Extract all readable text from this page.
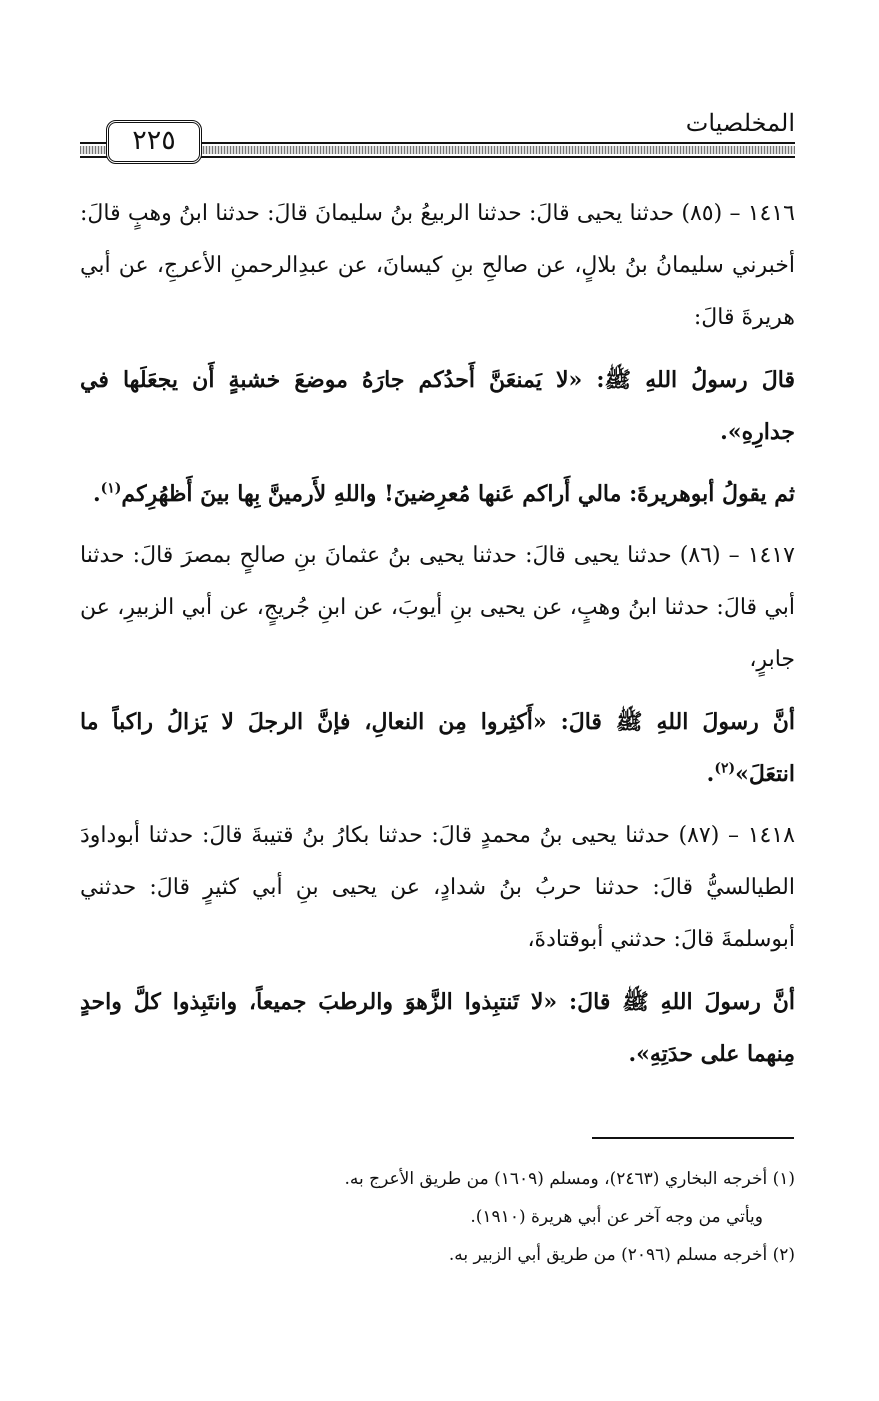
المخلصيات
٢٢٥

١٤١٦ – (٨٥) حدثنا يحيى قالَ: حدثنا الربيعُ بنُ سليمانَ قالَ: حدثنا ابنُ وهبٍ قالَ: أخبرني سليمانُ بنُ بلالٍ، عن صالحِ بنِ كيسانَ، عن عبدِالرحمنِ الأعرجِ، عن أبي هريرةَ قالَ:

قالَ رسولُ اللهِ ﷺ: «لا يَمنعَنَّ أَحدُكم جارَهُ موضعَ خشبةٍ أَن يجعَلَها في جدارِهِ».

ثم يقولُ أبوهريرةَ: مالي أَراكم عَنها مُعرِضينَ! واللهِ لأَرمينَّ بِها بينَ أَظهُرِكم$^{(١)}$.

١٤١٧ – (٨٦) حدثنا يحيى قالَ: حدثنا يحيى بنُ عثمانَ بنِ صالحٍ بمصرَ قالَ: حدثنا أبي قالَ: حدثنا ابنُ وهبٍ، عن يحيى بنِ أيوبَ، عن ابنِ جُريجٍ، عن أبي الزبيرِ، عن جابرٍ،

أنَّ رسولَ اللهِ ﷺ قالَ: «أَكثِروا مِن النعالِ، فإنَّ الرجلَ لا يَزالُ راكباً ما انتعَلَ»$^{(٢)}$.

١٤١٨ – (٨٧) حدثنا يحيى بنُ محمدٍ قالَ: حدثنا بكارُ بنُ قتيبةَ قالَ: حدثنا أبوداودَ الطيالسيُّ قالَ: حدثنا حربُ بنُ شدادٍ، عن يحيى بنِ أبي كثيرٍ قالَ: حدثني أبوسلمةَ قالَ: حدثني أبوقتادةَ،

أنَّ رسولَ اللهِ ﷺ قالَ: «لا تَنتبِذوا الزَّهوَ والرطبَ جميعاً، وانتَبِذوا كلَّ واحدٍ مِنهما على حدَتِهِ».

(١) أخرجه البخاري (٢٤٦٣)، ومسلم (١٦٠٩) من طريق الأعرج به.

ويأتي من وجه آخر عن أبي هريرة (١٩١٠).

(٢) أخرجه مسلم (٢٠٩٦) من طريق أبي الزبير به.
